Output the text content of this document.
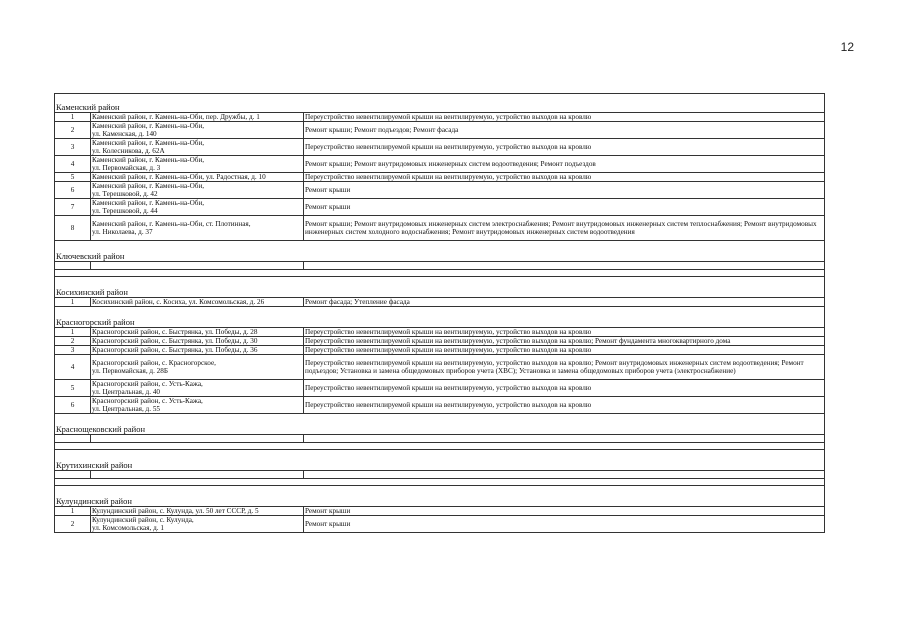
12
Каменский район		
1	Каменский район, г. Камень-на-Оби, пер. Дружбы, д. 1	Переустройство невентилируемой крыши на вентилируемую, устройство выходов на кровлю
2	Каменский район, г. Камень-на-Оби,
ул. Каменская, д. 140	Ремонт крыши; Ремонт подъездов; Ремонт фасада
3	Каменский район, г. Камень-на-Оби,
ул. Колесникова, д. 62А	Переустройство невентилируемой крыши на вентилируемую, устройство выходов на кровлю
4	Каменский район, г. Камень-на-Оби,
ул. Первомайская, д. 3	Ремонт крыши; Ремонт внутридомовых инженерных систем водоотведения; Ремонт подъездов
5	Каменский район, г. Камень-на-Оби, ул. Радостная, д. 10	Переустройство невентилируемой крыши на вентилируемую, устройство выходов на кровлю
6	Каменский район, г. Камень-на-Оби,
ул. Терешковой, д. 42	Ремонт крыши
7	Каменский район, г. Камень-на-Оби,
ул. Терешковой, д. 44	Ремонт крыши
8	Каменский район, г. Камень-на-Оби, ст. Плотинная,
ул. Николаева, д. 37	Ремонт крыши; Ремонт внутридомовых инженерных систем электроснабжения; Ремонт внутридомовых инженерных систем теплоснабжения; Ремонт внутридомовых инженерных систем холодного водоснабжения; Ремонт внутридомовых инженерных систем водоотведения
Ключевский район		

Косихинский район		
1	Косихинский район, с. Косиха, ул. Комсомольская, д. 26	Ремонт фасада; Утепление фасада
Красногорский район		
1	Красногорский район, с. Быстрянка, ул. Победы, д. 28	Переустройство невентилируемой крыши на вентилируемую, устройство выходов на кровлю
2	Красногорский район, с. Быстрянка, ул. Победы, д. 30	Переустройство невентилируемой крыши на вентилируемую, устройство выходов на кровлю; Ремонт фундамента многоквартирного дома
3	Красногорский район, с. Быстрянка, ул. Победы, д. 36	Переустройство невентилируемой крыши на вентилируемую, устройство выходов на кровлю
4	Красногорский район, с. Красногорское,
ул. Первомайская, д. 28Б	Переустройство невентилируемой крыши на вентилируемую, устройство выходов на кровлю; Ремонт внутридомовых инженерных систем водоотведения; Ремонт подъездов; Установка и замена общедомовых приборов учета (ХВС); Установка и замена общедомовых приборов учета (электроснабжение)
5	Красногорский район, с. Усть-Кажа,
ул. Центральная, д. 40	Переустройство невентилируемой крыши на вентилируемую, устройство выходов на кровлю
6	Красногорский район, с. Усть-Кажа,
ул. Центральная, д. 55	Переустройство невентилируемой крыши на вентилируемую, устройство выходов на кровлю
Краснощековский район		

Крутихинский район		

Кулундинский район		
1	Кулундинский район, с. Кулунда, ул. 50 лет СССР, д. 5	Ремонт крыши
2	Кулундинский район, с. Кулунда,
ул. Комсомольская, д. 1	Ремонт крыши
